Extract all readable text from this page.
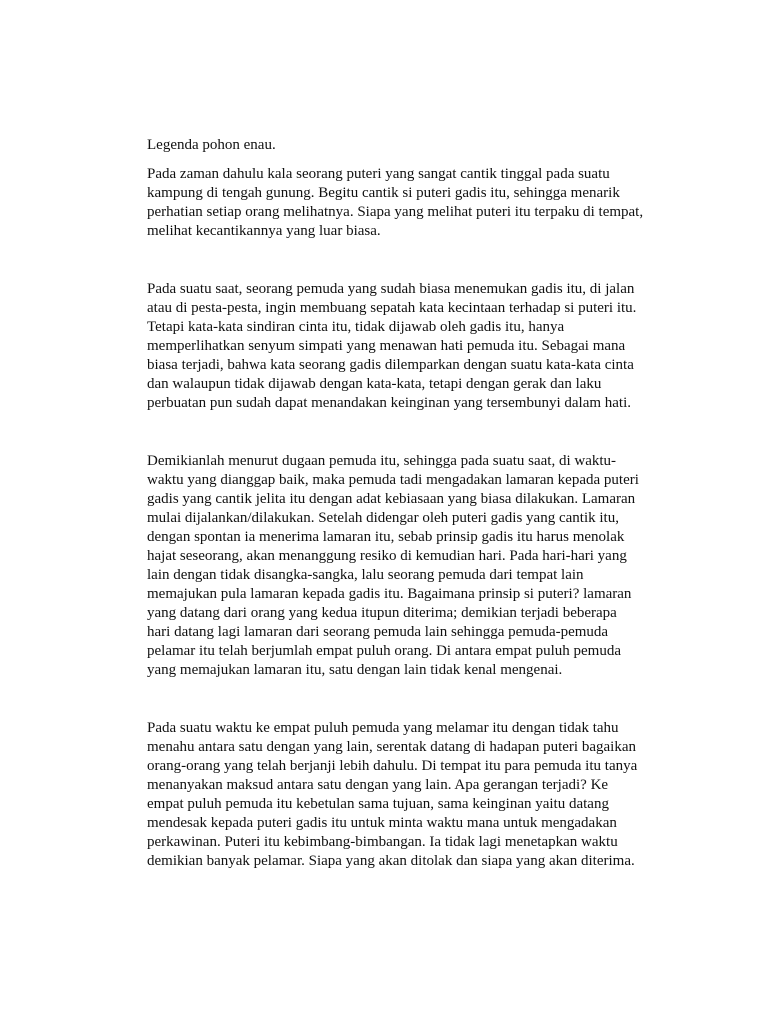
Legenda pohon enau.
Pada zaman dahulu kala seorang puteri yang sangat cantik tinggal pada suatu
kampung di tengah gunung. Begitu cantik si puteri gadis itu, sehingga menarik
perhatian setiap orang melihatnya. Siapa yang melihat puteri itu terpaku di tempat,
melihat kecantikannya yang luar biasa.
Pada suatu saat, seorang pemuda yang sudah biasa menemukan gadis itu, di jalan
atau di pesta-pesta, ingin membuang sepatah kata kecintaan terhadap si puteri itu.
Tetapi kata-kata sindiran cinta itu, tidak dijawab oleh gadis itu, hanya
memperlihatkan senyum simpati yang menawan hati pemuda itu. Sebagai mana
biasa terjadi, bahwa kata seorang gadis dilemparkan dengan suatu kata-kata cinta
dan walaupun tidak dijawab dengan kata-kata, tetapi dengan gerak dan laku
perbuatan pun sudah dapat menandakan keinginan yang tersembunyi dalam hati.
Demikianlah menurut dugaan pemuda itu, sehingga pada suatu saat, di waktu-
waktu yang dianggap baik, maka pemuda tadi mengadakan lamaran kepada puteri
gadis yang cantik jelita itu dengan adat kebiasaan yang biasa dilakukan. Lamaran
mulai dijalankan/dilakukan. Setelah didengar oleh puteri gadis yang cantik itu,
dengan spontan ia menerima lamaran itu, sebab prinsip gadis itu harus menolak
hajat seseorang, akan menanggung resiko di kemudian hari. Pada hari-hari yang
lain dengan tidak disangka-sangka, lalu seorang pemuda dari tempat lain
memajukan pula lamaran kepada gadis itu. Bagaimana prinsip si puteri? lamaran
yang datang dari orang yang kedua itupun diterima; demikian terjadi beberapa
hari datang lagi lamaran dari seorang pemuda lain sehingga pemuda-pemuda
pelamar itu telah berjumlah empat puluh orang. Di antara empat puluh pemuda
yang memajukan lamaran itu, satu dengan lain tidak kenal mengenai.
Pada suatu waktu ke empat puluh pemuda yang melamar itu dengan tidak tahu
menahu antara satu dengan yang lain, serentak datang di hadapan puteri bagaikan
orang-orang yang telah berjanji lebih dahulu. Di tempat itu para pemuda itu tanya
menanyakan maksud antara satu dengan yang lain. Apa gerangan terjadi? Ke
empat puluh pemuda itu kebetulan sama tujuan, sama keinginan yaitu datang
mendesak kepada puteri gadis itu untuk minta waktu mana untuk mengadakan
perkawinan. Puteri itu kebimbang-bimbangan. Ia tidak lagi menetapkan waktu
demikian banyak pelamar. Siapa yang akan ditolak dan siapa yang akan diterima.
